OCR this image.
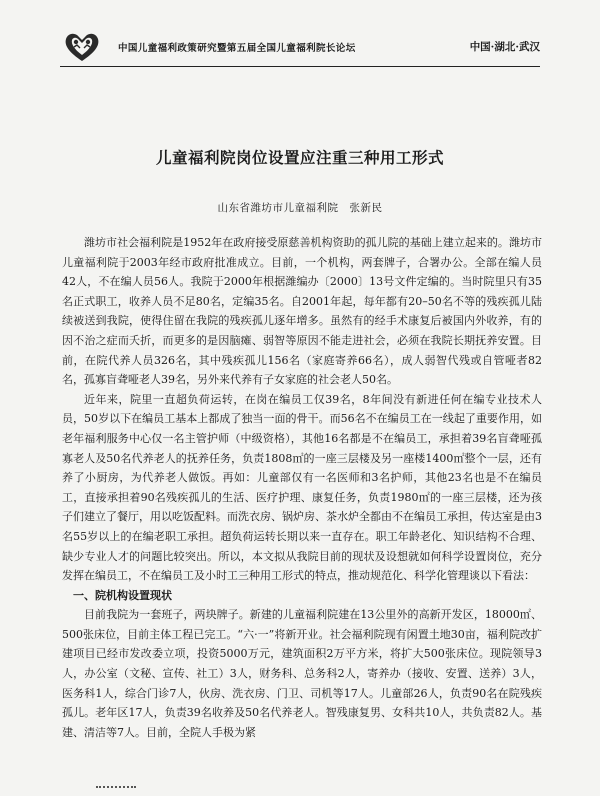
中国儿童福利政策研究暨第五届全国儿童福利院长论坛	中国·湖北·武汉
儿童福利院岗位设置应注重三种用工形式
山东省潍坊市儿童福利院　张新民

潍坊市社会福利院是1952年在政府接受原慈善机构资助的孤儿院的基础上建立起来的。潍坊市儿童福利院于2003年经市政府批准成立。目前，一个机构，两套牌子，合署办公。全部在编人员42人，不在编人员56人。我院于2000年根据潍编办〔2000〕13号文件定编的。当时院里只有35名正式职工，收养人员不足80名，定编35名。自2001年起，每年都有20–50名不等的残疾孤儿陆续被送到我院，使得住留在我院的残疾孤儿逐年增多。虽然有的经手术康复后被国内外收养，有的因不治之症而夭折，而更多的是因脑瘫、弱智等原因不能走进社会，必须在我院长期抚养安置。目前，在院代养人员326名，其中残疾孤儿156名（家庭寄养66名），成人弱智代残或自管哑者82名，孤寡盲聋哑老人39名，另外来代养有子女家庭的社会老人50名。

近年来，院里一直超负荷运转，在岗在编员工仅39名，8年间没有新进任何在编专业技术人员，50岁以下在编员工基本上都成了独当一面的骨干。而56名不在编员工在一线起了重要作用，如老年福利服务中心仅一名主管护师（中级资格），其他16名都是不在编员工，承担着39名盲聋哑孤寡老人及50名代养老人的抚养任务，负责1808㎡的一座三层楼及另一座楼1400㎡整个一层，还有养了小厨房，为代养老人做饭。再如：儿童部仅有一名医师和3名护师，其他23名也是不在编员工，直接承担着90名残疾孤儿的生活、医疗护理、康复任务，负责1980㎡的一座三层楼，还为孩子们建立了餐厅，用以吃饭配料。而洗衣房、锅炉房、茶水炉全都由不在编员工承担，传达室是由3名55岁以上的在编老职工承担。超负荷运转长期以来一直存在。职工年龄老化、知识结构不合理、缺少专业人才的问题比较突出。所以，本文拟从我院目前的现状及设想就如何科学设置岗位，充分发挥在编员工，不在编员工及小时工三种用工形式的特点，推动规范化、科学化管理谈以下看法：

一、院机构设置现状

目前我院为一套班子，两块牌子。新建的儿童福利院建在13公里外的高新开发区，18000㎡、500张床位，目前主体工程已完工。“六·一”将新开业。社会福利院现有闲置土地30亩，福利院改扩建项目已经市发改委立项，投资5000万元，建筑面积2万平方米，将扩大500张床位。现院领导3人，办公室（文秘、宣传、社工）3人，财务科、总务科2人，寄养办（接收、安置、送养）3人，医务科1人，综合门诊7人，伙房、洗衣房、门卫、司机等17人。儿童部26人，负责90名在院残疾孤儿。老年区17人，负责39名收养及50名代养老人。智残康复男、女科共10人，共负责82人。基建、清洁等7人。目前，全院人手极为紧
